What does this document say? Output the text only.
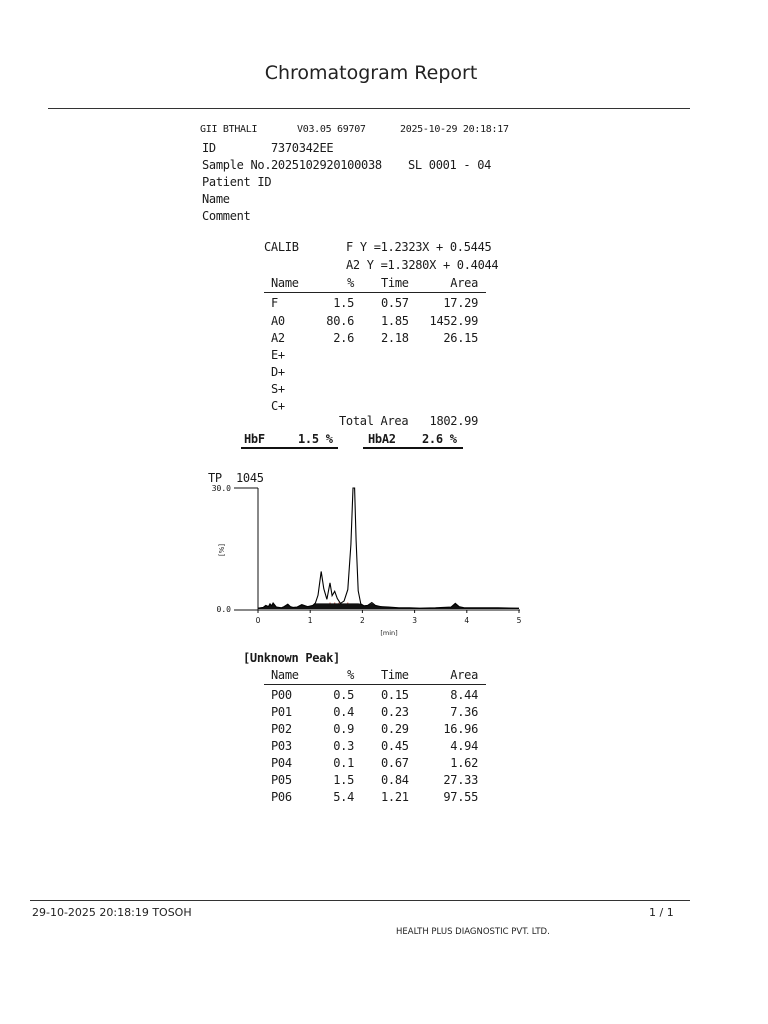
Chromatogram Report
GII BTHALI	V03.05 69707	2025-10-29 20:18:17
ID	7370342EE
Sample No. 2025102920100038 SL 0001 - 04
Patient ID
Name
Comment
CALIB	F Y =1.2323X + 0.5445
A2 Y =1.3280X + 0.4044
Name	% Time	Area
F	1.5 0.57	17.29
A0	80.6 1.85	1452.99
A2	2.6 2.18	26.15
E+
D+
S+
C+
Total Area	1802.99
HbF	1.5 %	HbA2 2.6 %
TP 1045
30.0
0.0
[%]
0	1	2	3	4	5
[min]
[Unknown Peak]
Name	% Time	Area
P00	0.5 0.15	8.44
P01	0.4 0.23	7.36
P02	0.9 0.29	16.96
P03	0.3 0.45	4.94
P04	0.1 0.67	1.62
P05	1.5 0.84	27.33
P06	5.4 1.21	97.55
29-10-2025 20:18:19 TOSOH	1 / 1
HEALTH PLUS DIAGNOSTIC PVT. LTD.
